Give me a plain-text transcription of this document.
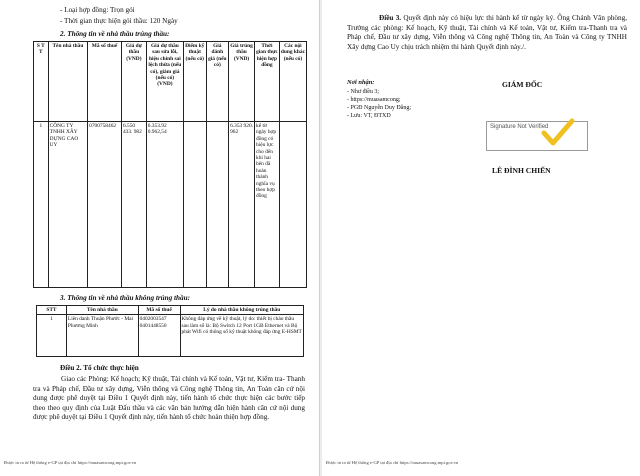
- Loại hợp đồng: Trọn gói
- Thời gian thực hiện gói thầu: 120 Ngày
2. Thông tin về nhà thầu trúng thầu:
S T T	Tên nhà thầu	Mã số thuế	Giá dự thầu (VND)	Giá dự thầu sau sửa lỗi, hiệu chỉnh sai lệch thừa (nếu có), giảm giá (nếu có) (VND)	Điểm kỹ thuật (nếu có)	Giá đánh giá (nếu có)	Giá trúng thầu (VND)	Thời gian thực hiện hợp đồng	Các nội dung khác (nếu có)
1	CÔNG TY TNHH XÂY DỰNG CAO UY	0700758462	6.550 433. 982	6.353.92 0.962,54			6.353 920. 962	kể từ ngày hợp đồng có hiệu lực cho đến khi hai bên đã hoàn thành nghĩa vụ theo hợp đồng	
3. Thông tin về nhà thầu không trúng thầu:
STT	Tên nhà thầu	Mã số thuế	Lý do nhà thầu không trúng thầu
1	Liên danh Thuận Phước - Mai Phương Minh	0402003547 0401448550	Không đáp ứng về kỹ thuật, lý do: thiết bị chào thầu sau làm số là: Bộ Switch 12 Port 1GB Ethernet và Bộ phát Wifi có thông số kỹ thuật không đáp ứng E-HSMT
Điều 2. Tổ chức thực hiện
Giao các Phòng: Kế hoạch; Kỹ thuật, Tài chính và Kế toán, Vật tư, Kiểm tra- Thanh tra và Pháp chế, Đầu tư xây dựng, Viễn thông và Công nghệ Thông tin, An Toàn căn cứ nội dung được phê duyệt tại Điều 1 Quyết định này, tiến hành tổ chức thực hiện các bước tiếp theo theo quy định của Luật Đấu thầu và các văn bản hướng dẫn hiện hành căn cứ nội dung được phê duyệt tại Điều 1 Quyết định này, tiến hành tổ chức hoàn thiện hợp đồng.
Được in ra từ Hệ thống e-GP tại địa chỉ https://muasamcong.mpi.gov.vn
Điều 3. Quyết định này có hiệu lực thi hành kể từ ngày ký. Ông Chánh Văn phòng, Trưởng các phòng: Kế hoạch, Kỹ thuật, Tài chính và Kế toán, Vật tư, Kiểm tra-Thanh tra và Pháp chế, Đầu tư xây dựng, Viễn thông và Công nghệ Thông tin, An Toàn và Công ty TNHH Xây dựng Cao Uy chịu trách nhiệm thi hành Quyết định này./.
Nơi nhận:
- Như điều 3;
- https://muasamcong;
- PGĐ Nguyễn Duy Đăng;
- Lưu: VT, ĐTXD
GIÁM ĐỐC
Signature Not Verified
LÊ ĐÌNH CHIẾN
Được in ra từ Hệ thống e-GP tại địa chỉ https://muasamcong.mpi.gov.vn
